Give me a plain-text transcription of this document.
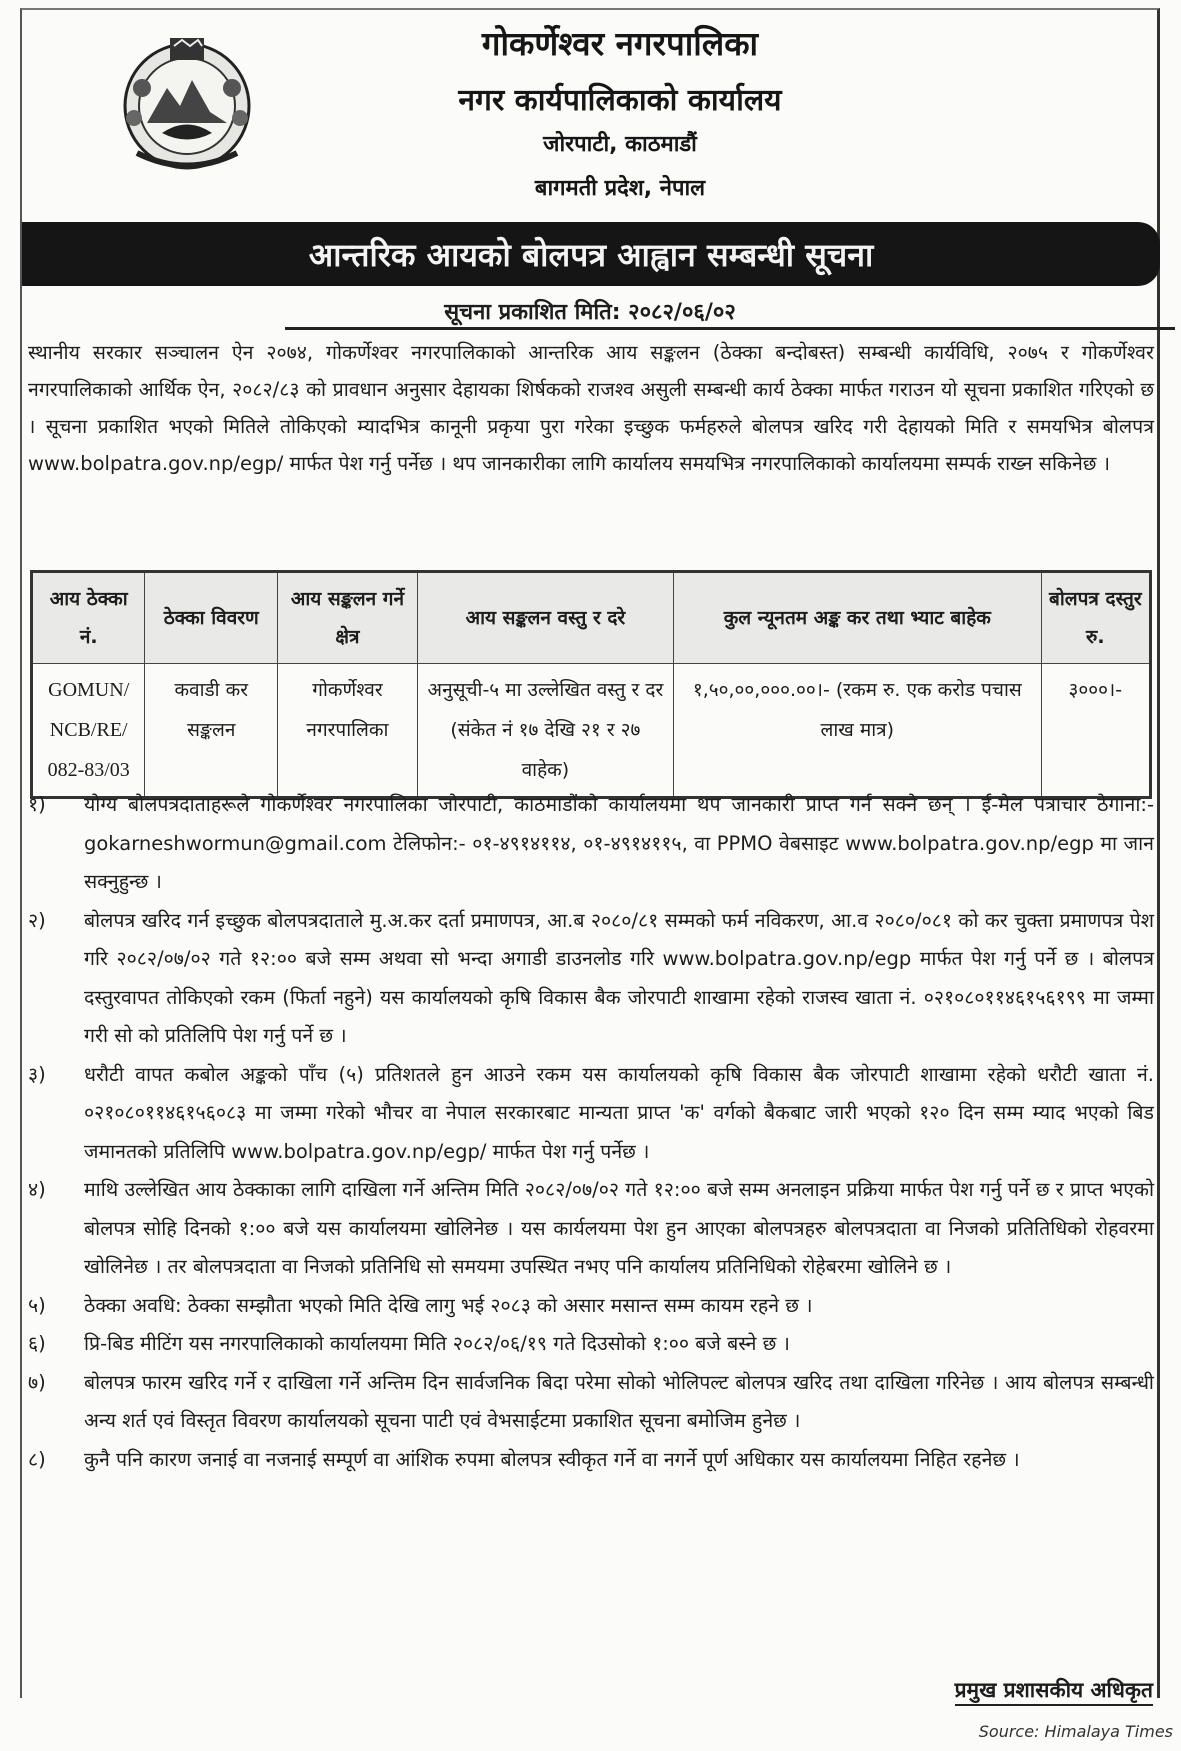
गोकर्णेश्वर नगरपालिका
नगर कार्यपालिकाको कार्यालय
जोरपाटी, काठमाडौं
बागमती प्रदेश, नेपाल
आन्तरिक आयको बोलपत्र आह्वान सम्बन्धी सूचना
सूचना प्रकाशित मिति: २०८२/०६/०२

स्थानीय सरकार सञ्चालन ऐन २०७४, गोकर्णेश्वर नगरपालिकाको आन्तरिक आय सङ्कलन (ठेक्का बन्दोबस्त) सम्बन्धी कार्यविधि, २०७५ र गोकर्णेश्वर नगरपालिकाको आर्थिक ऐन, २०८२/८३ को प्रावधान अनुसार देहायका शिर्षकको राजश्व असुली सम्बन्धी कार्य ठेक्का मार्फत गराउन यो सूचना प्रकाशित गरिएको छ । सूचना प्रकाशित भएको मितिले तोकिएको म्यादभित्र कानूनी प्रकृया पुरा गरेका इच्छुक फर्महरुले बोलपत्र खरिद गरी देहायको मिति र समयभित्र बोलपत्र www.bolpatra.gov.np/egp/ मार्फत पेश गर्नु पर्नेछ । थप जानकारीका लागि कार्यालय समयभित्र नगरपालिकाको कार्यालयमा सम्पर्क राख्न सकिनेछ ।

आय ठेक्का नं.	ठेक्का विवरण	आय सङ्कलन गर्ने क्षेत्र	आय सङ्कलन वस्तु र दरे	कुल न्यूनतम अङ्क कर तथा भ्याट बाहेक	बोलपत्र दस्तुर रु.
GOMUN/ NCB/RE/ 082-83/03	कवाडी कर सङ्कलन	गोकर्णेश्वर नगरपालिका	अनुसूची-५ मा उल्लेखित वस्तु र दर (संकेत नं १७ देखि २१ र २७ वाहेक)	१,५०,००,०००.००।- (रकम रु. एक करोड पचास लाख मात्र)	३०००।-
१)	योग्य बोलपत्रदाताहरूले गोकर्णेश्वर नगरपालिका जोरपाटी, काठमाडौंको कार्यालयमा थप जानकारी प्राप्त गर्न सक्ने छन् । ई-मेल पत्राचार ठेगाना:- gokarneshwormun@gmail.com टेलिफोन:- ०१-४९१४११४, ०१-४९१४११५, वा PPMO वेबसाइट www.bolpatra.gov.np/egp मा जान सक्नुहुन्छ ।
२)	बोलपत्र खरिद गर्न इच्छुक बोलपत्रदाताले मु.अ.कर दर्ता प्रमाणपत्र, आ.ब २०८०/८१ सम्मको फर्म नविकरण, आ.व २०८०/०८१ को कर चुक्ता प्रमाणपत्र पेश गरि २०८२/०७/०२ गते १२:०० बजे सम्म अथवा सो भन्दा अगाडी डाउनलोड गरि www.bolpatra.gov.np/egp मार्फत पेश गर्नु पर्ने छ । बोलपत्र दस्तुरवापत तोकिएको रकम (फिर्ता नहुने) यस कार्यालयको कृषि विकास बैक जोरपाटी शाखामा रहेको राजस्व खाता नं. ०२१०८०११४६१५६१९९ मा जम्मा गरी सो को प्रतिलिपि पेश गर्नु पर्ने छ ।
३)	धरौटी वापत कबोल अङ्कको पाँच (५) प्रतिशतले हुन आउने रकम यस कार्यालयको कृषि विकास बैक जोरपाटी शाखामा रहेको धरौटी खाता नं. ०२१०८०११४६१५६०८३ मा जम्मा गरेको भौचर वा नेपाल सरकारबाट मान्यता प्राप्त 'क' वर्गको बैकबाट जारी भएको १२० दिन सम्म म्याद भएको बिड जमानतको प्रतिलिपि www.bolpatra.gov.np/egp/ मार्फत पेश गर्नु पर्नेछ ।
४)	माथि उल्लेखित आय ठेक्काका लागि दाखिला गर्ने अन्तिम मिति २०८२/०७/०२ गते १२:०० बजे सम्म अनलाइन प्रक्रिया मार्फत पेश गर्नु पर्ने छ र प्राप्त भएको बोलपत्र सोहि दिनको १:०० बजे यस कार्यालयमा खोलिनेछ । यस कार्यलयमा पेश हुन आएका बोलपत्रहरु बोलपत्रदाता वा निजको प्रतितिधिको रोहवरमा खोलिनेछ । तर बोलपत्रदाता वा निजको प्रतिनिधि सो समयमा उपस्थित नभए पनि कार्यालय प्रतिनिधिको रोहेबरमा खोलिने छ ।
५)	ठेक्का अवधि: ठेक्का सम्झौता भएको मिति देखि लागु भई २०८३ को असार मसान्त सम्म कायम रहने छ ।
६)	प्रि-बिड मीटिंग यस नगरपालिकाको कार्यालयमा मिति २०८२/०६/१९ गते दिउसोको १:०० बजे बस्ने छ ।
७)	बोलपत्र फारम खरिद गर्ने र दाखिला गर्ने अन्तिम दिन सार्वजनिक बिदा परेमा सोको भोलिपल्ट बोलपत्र खरिद तथा दाखिला गरिनेछ । आय बोलपत्र सम्बन्धी अन्य शर्त एवं विस्तृत विवरण कार्यालयको सूचना पाटी एवं वेभसाईटमा प्रकाशित सूचना बमोजिम हुनेछ ।
८)	कुनै पनि कारण जनाई वा नजनाई सम्पूर्ण वा आंशिक रुपमा बोलपत्र स्वीकृत गर्ने वा नगर्ने पूर्ण अधिकार यस कार्यालयमा निहित रहनेछ ।
प्रमुख प्रशासकीय अधिकृत
Source: Himalaya Times
